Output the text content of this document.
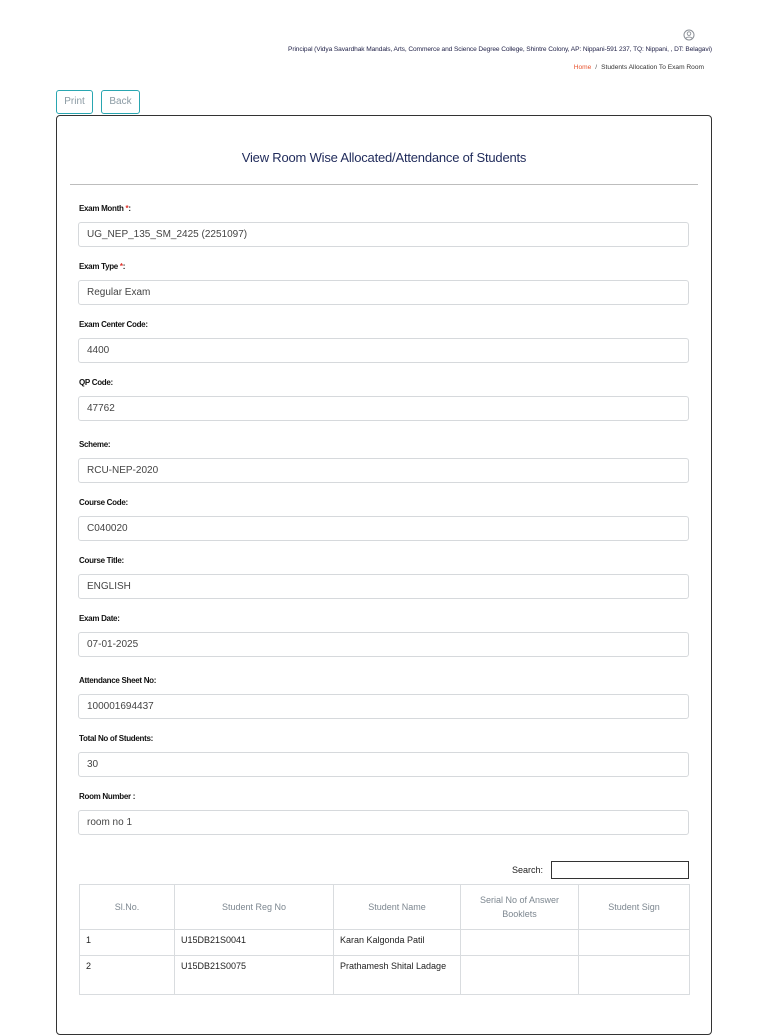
Principal (Vidya Savardhak Mandals, Arts, Commerce and Science Degree College, Shintre Colony, AP: Nippani-591 237, TQ: Nippani, , DT: Belagavi)
Home / Students Allocation To Exam Room
Print	Back
View Room Wise Allocated/Attendance of Students
Exam Month *:
UG_NEP_135_SM_2425 (2251097)
Exam Type *:
Regular Exam
Exam Center Code:
4400
QP Code:
47762
Scheme:
RCU-NEP-2020
Course Code:
C040020
Course Title:
ENGLISH
Exam Date:
07-01-2025
Attendance Sheet No:
100001694437
Total No of Students:
30
Room Number :
room no 1
Search:
Sl.No.	Student Reg No	Student Name	Serial No of Answer Booklets	Student Sign
1	U15DB21S0041	Karan Kalgonda Patil		
2	U15DB21S0075	Prathamesh Shital Ladage		
